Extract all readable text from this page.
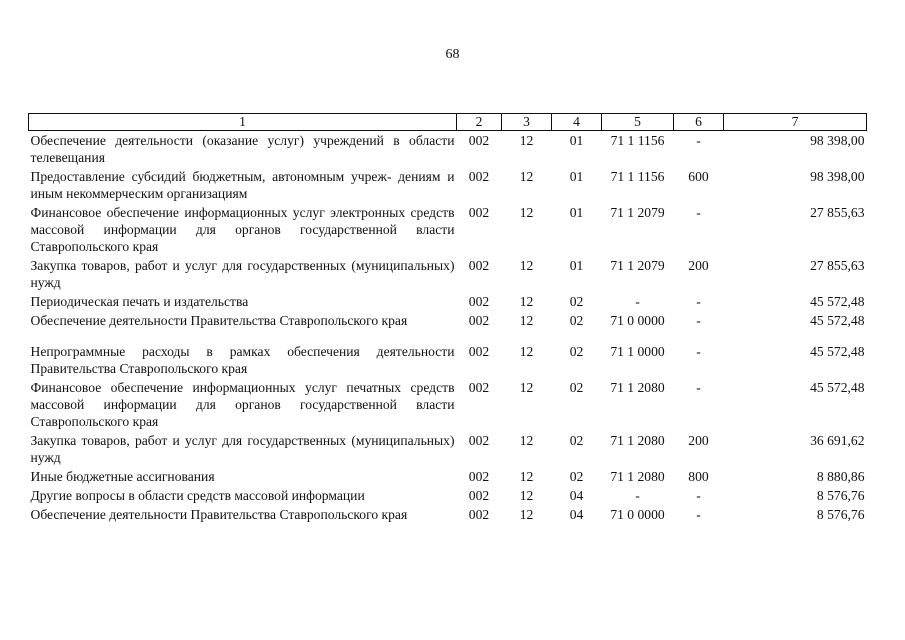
68
1	2	3	4	5	6	7
Обеспечение деятельности (оказание услуг) учреждений в области телевещания	002	12	01	71 1 1156	-	98 398,00
Предоставление субсидий бюджетным, автономным учреж- дениям и иным некоммерческим организациям	002	12	01	71 1 1156	600	98 398,00
Финансовое обеспечение информационных услуг электронных средств массовой информации для органов государственной власти Ставропольского края	002	12	01	71 1 2079	-	27 855,63
Закупка товаров, работ и услуг для государственных (муниципальных) нужд	002	12	01	71 1 2079	200	27 855,63
Периодическая печать и издательства	002	12	02	-	-	45 572,48
Обеспечение деятельности Правительства Ставропольского края	002	12	02	71 0 0000	-	45 572,48

Непрограммные расходы в рамках обеспечения деятельности Правительства Ставропольского края	002	12	02	71 1 0000	-	45 572,48
Финансовое обеспечение информационных услуг печатных средств массовой информации для органов государственной власти Ставропольского края	002	12	02	71 1 2080	-	45 572,48
Закупка товаров, работ и услуг для государственных (муниципальных) нужд	002	12	02	71 1 2080	200	36 691,62
Иные бюджетные ассигнования	002	12	02	71 1 2080	800	8 880,86
Другие вопросы в области средств массовой информации	002	12	04	-	-	8 576,76
Обеспечение деятельности Правительства Ставропольского края	002	12	04	71 0 0000	-	8 576,76
